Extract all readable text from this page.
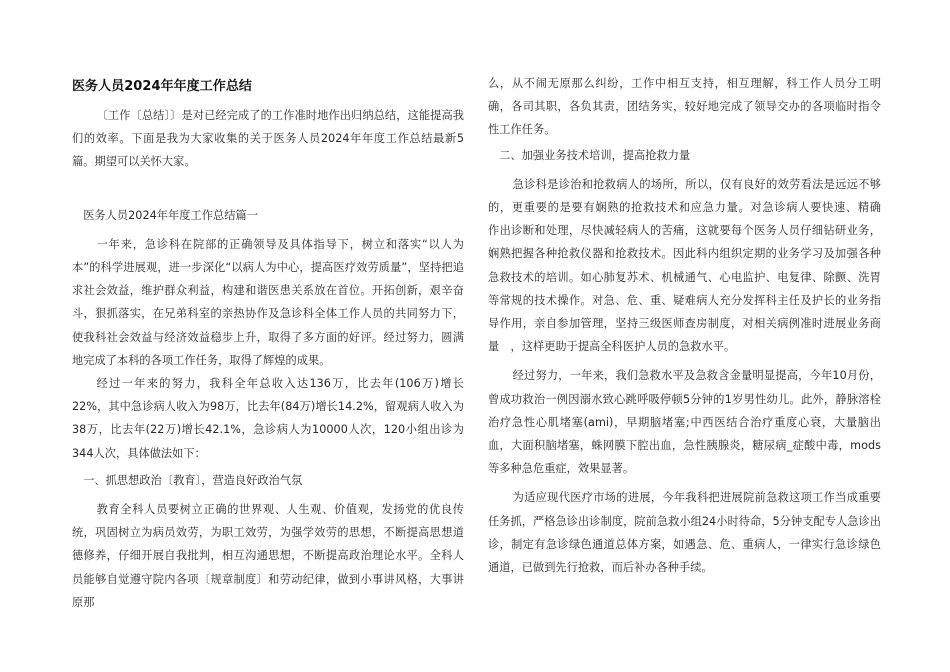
医务人员2024年年度工作总结

〔工作〔总结〕〕是对已经完成了的工作准时地作出归纳总结，这能提高我们的效率。下面是我为大家收集的关于医务人员2024年年度工作总结最新5篇。期望可以关怀大家。

医务人员2024年年度工作总结篇一

一年来，急诊科在院部的正确领导及具体指导下，树立和落实“以人为本”的科学进展观，进一步深化“以病人为中心，提高医疗效劳质量”，坚持把追求社会效益，维护群众利益，构建和谐医患关系放在首位。开拓创新，艰辛奋斗，狠抓落实，在兄弟科室的亲热协作及急诊科全体工作人员的共同努力下，使我科社会效益与经济效益稳步上升，取得了多方面的好评。经过努力，圆满地完成了本科的各项工作任务，取得了辉煌的成果。

经过一年来的努力，我科全年总收入达136万，比去年(106万)增长22%，其中急诊病人收入为98万，比去年(84万)增长14.2%，留观病人收入为38万，比去年(22万)增长42.1%，急诊病人为10000人次，120小组出诊为344人次，具体做法如下：

一、抓思想政治〔教育〕，营造良好政治气氛

教育全科人员要树立正确的世界观、人生观、价值观，发扬党的优良传统，巩固树立为病员效劳，为职工效劳，为强学效劳的思想，不断提高思想道德修养，仔细开展自我批判，相互沟通思想，不断提高政治理论水平。全科人员能够自觉遵守院内各项〔规章制度〕和劳动纪律，做到小事讲风格，大事讲原那

么，从不闹无原那么纠纷，工作中相互支持，相互理解，科工作人员分工明确，各司其职，各负其责，团结务实，较好地完成了领导交办的各项临时指令性工作任务。

二、加强业务技术培训，提高抢救力量

急诊科是诊治和抢救病人的场所，所以，仅有良好的效劳看法是远远不够的，更重要的是要有娴熟的抢救技术和应急力量。对急诊病人要快速、精确　　　作出诊断和处理，尽快减轻病人的苦痛，这就要每个医务人员仔细钻研业务，娴熟把握各种抢救仪器和抢救技术。因此科内组织定期的业务学习及加强各种急救技术的培训。如心肺复苏术、机械通气、心电监护、电复律、除颤、洗胃等常规的技术操作。对急、危、重、疑难病人充分发挥科主任及护长的业务指导作用，亲自参加管理，坚持三级医师查房制度，对相关病例准时进展业务商量　，这样更助于提高全科医护人员的急救水平。

经过努力，一年来，我们急救水平及急救含金量明显提高，今年10月份，曾成功救治一例因溺水致心跳呼吸停顿5分钟的1岁男性幼儿。此外，静脉溶栓治疗急性心肌堵塞(ami)，早期脑堵塞;中西医结合治疗重度心衰，大量脑出血，大面积脑堵塞，蛛网膜下腔出血，急性胰腺炎，糖尿病_症酸中毒，mods等多种急危重症，效果显著。

为适应现代医疗市场的进展，今年我科把进展院前急救这项工作当成重要任务抓，严格急诊出诊制度，院前急救小组24小时待命，5分钟支配专人急诊出诊，制定有急诊绿色通道总体方案，如遇急、危、重病人，一律实行急诊绿色通道，已做到先行抢救，而后补办各种手续。
